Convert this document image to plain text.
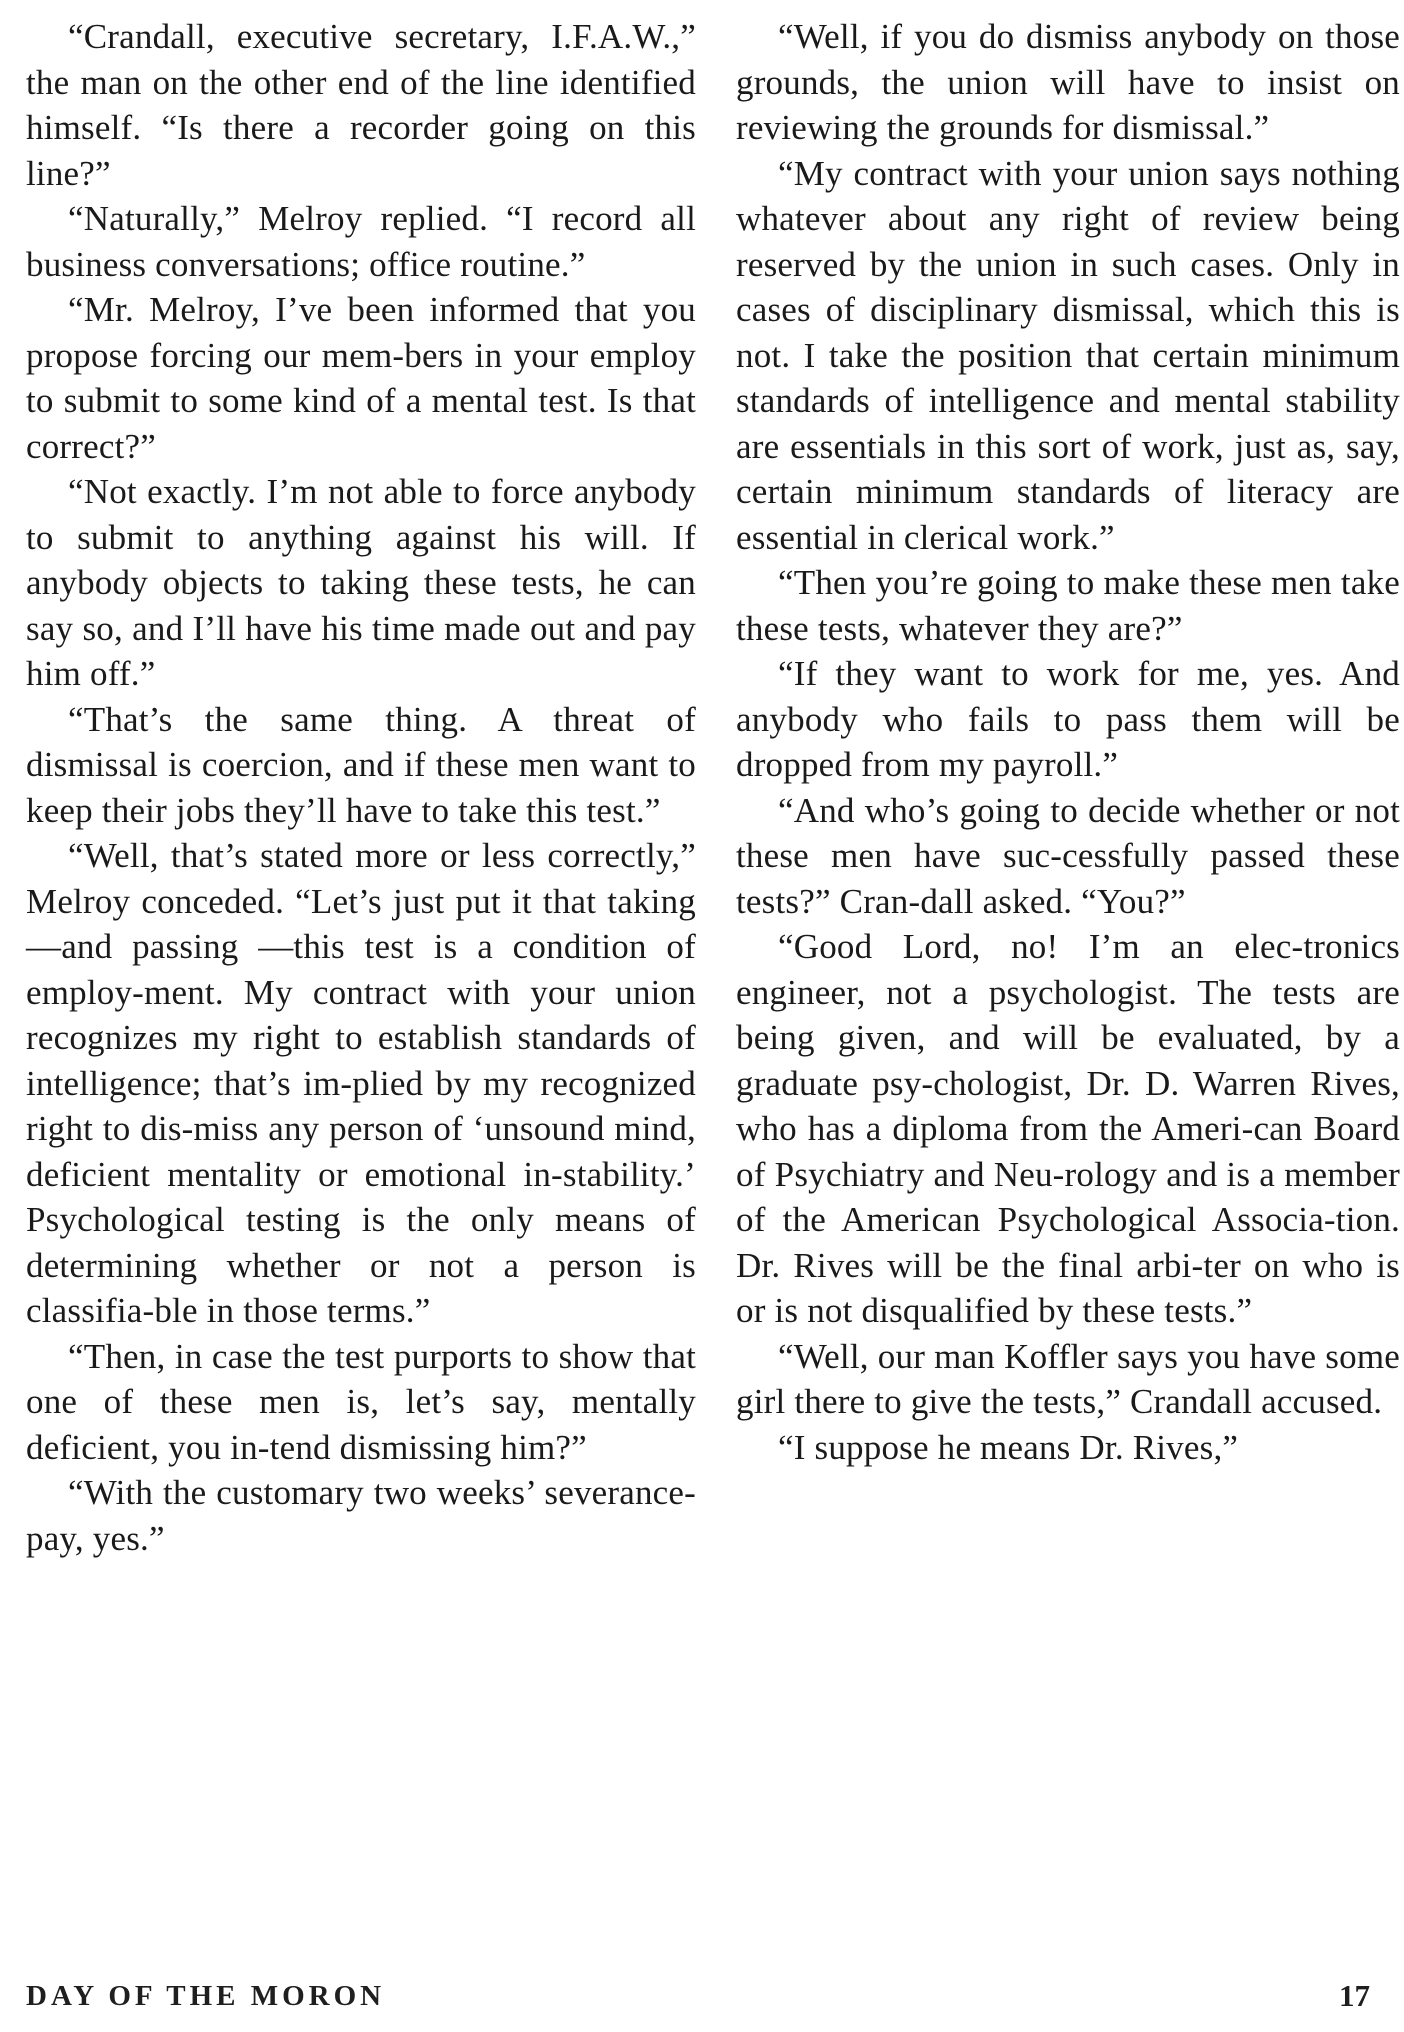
“Crandall, executive secretary, I.F.A.W.,” the man on the other end of the line identified himself. “Is there a recorder going on this line?”

“Naturally,” Melroy replied. “I record all business conversations; office routine.”

“Mr. Melroy, I’ve been informed that you propose forcing our mem-bers in your employ to submit to some kind of a mental test. Is that correct?”

“Not exactly. I’m not able to force anybody to submit to anything against his will. If anybody objects to taking these tests, he can say so, and I’ll have his time made out and pay him off.”

“That’s the same thing. A threat of dismissal is coercion, and if these men want to keep their jobs they’ll have to take this test.”

“Well, that’s stated more or less correctly,” Melroy conceded. “Let’s just put it that taking—and passing —this test is a condition of employ-ment. My contract with your union recognizes my right to establish standards of intelligence; that’s im-plied by my recognized right to dis-miss any person of ‘unsound mind, deficient mentality or emotional in-stability.’ Psychological testing is the only means of determining whether or not a person is classifia-ble in those terms.”

“Then, in case the test purports to show that one of these men is, let’s say, mentally deficient, you in-tend dismissing him?”

“With the customary two weeks’ severance-pay, yes.”

“Well, if you do dismiss anybody on those grounds, the union will have to insist on reviewing the grounds for dismissal.”

“My contract with your union says nothing whatever about any right of review being reserved by the union in such cases. Only in cases of disciplinary dismissal, which this is not. I take the position that certain minimum standards of intelligence and mental stability are essentials in this sort of work, just as, say, certain minimum standards of literacy are essential in clerical work.”

“Then you’re going to make these men take these tests, whatever they are?”

“If they want to work for me, yes. And anybody who fails to pass them will be dropped from my payroll.”

“And who’s going to decide whether or not these men have suc-cessfully passed these tests?” Cran-dall asked. “You?”

“Good Lord, no! I’m an elec-tronics engineer, not a psychologist. The tests are being given, and will be evaluated, by a graduate psy-chologist, Dr. D. Warren Rives, who has a diploma from the Ameri-can Board of Psychiatry and Neu-rology and is a member of the American Psychological Associa-tion. Dr. Rives will be the final arbi-ter on who is or is not disqualified by these tests.”

“Well, our man Koffler says you have some girl there to give the tests,” Crandall accused.

“I suppose he means Dr. Rives,”

DAY OF THE MORON	17
